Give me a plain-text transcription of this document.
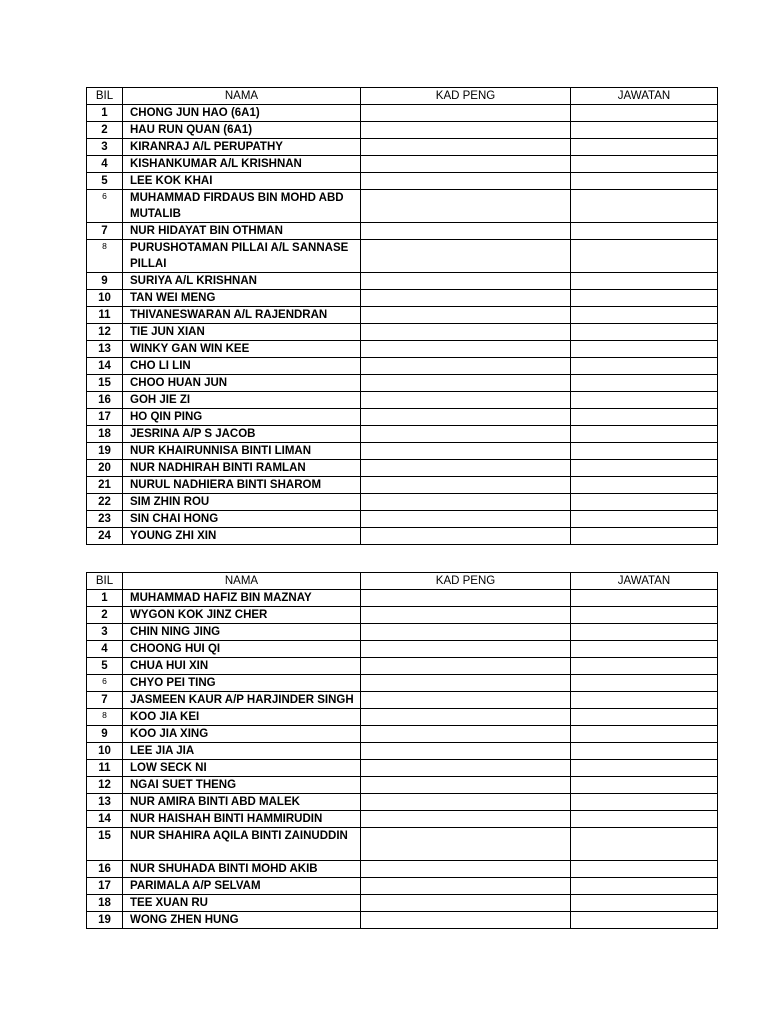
BIL	NAMA	KAD PENG	JAWATAN
1	CHONG JUN HAO (6A1)		
2	HAU RUN QUAN (6A1)		
3	KIRANRAJ A/L PERUPATHY		
4	KISHANKUMAR A/L KRISHNAN		
5	LEE KOK KHAI		
6	MUHAMMAD FIRDAUS BIN MOHD ABD MUTALIB		
7	NUR HIDAYAT BIN OTHMAN		
8	PURUSHOTAMAN PILLAI A/L SANNASE PILLAI		
9	SURIYA A/L KRISHNAN		
10	TAN WEI MENG		
11	THIVANESWARAN A/L RAJENDRAN		
12	TIE JUN XIAN		
13	WINKY GAN WIN KEE		
14	CHO LI LIN		
15	CHOO HUAN JUN		
16	GOH JIE ZI		
17	HO QIN PING		
18	JESRINA A/P S JACOB		
19	NUR KHAIRUNNISA BINTI LIMAN		
20	NUR NADHIRAH BINTI RAMLAN		
21	NURUL NADHIERA BINTI SHAROM		
22	SIM ZHIN ROU		
23	SIN CHAI HONG		
24	YOUNG ZHI XIN		
BIL	NAMA	KAD PENG	JAWATAN
1	MUHAMMAD HAFIZ BIN MAZNAY		
2	WYGON KOK JINZ CHER		
3	CHIN NING JING		
4	CHOONG HUI QI		
5	CHUA HUI XIN		
6	CHYO PEI TING		
7	JASMEEN KAUR A/P HARJINDER SINGH		
8	KOO JIA KEI		
9	KOO JIA XING		
10	LEE JIA JIA		
11	LOW SECK NI		
12	NGAI SUET THENG		
13	NUR AMIRA BINTI ABD MALEK		
14	NUR HAISHAH BINTI HAMMIRUDIN		
15	NUR SHAHIRA AQILA BINTI ZAINUDDIN		
16	NUR SHUHADA BINTI MOHD AKIB		
17	PARIMALA A/P SELVAM		
18	TEE XUAN RU		
19	WONG ZHEN HUNG		
